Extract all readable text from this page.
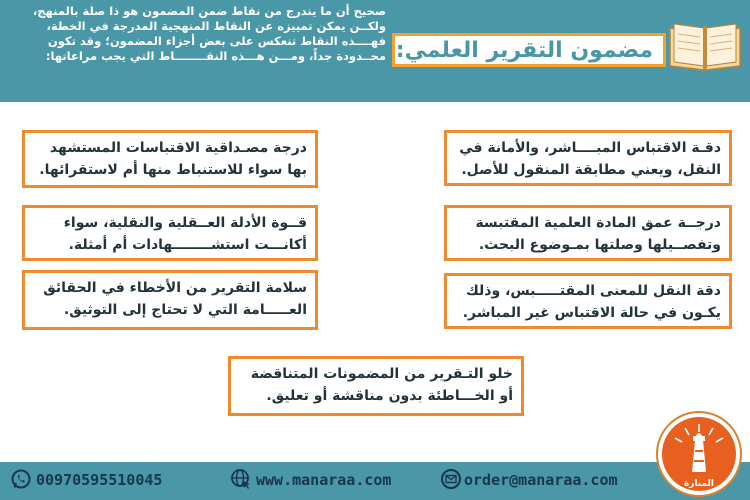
صحيح أن ما يندرج من نقاط ضمن المضمون هو ذا صلة بالمنهج،
ولكــن يمكن تمييزه عن النقاط المنهجية المدرجة في الخطة،
فهــــذه النقاط تنعكس على بعض أجزاء المضمون؛ وقد تكون
محــدودة جداً، ومـــن هـــذه النقــــــــاط التي يجب مراعاتها: مضمون التقرير العلمي:
دقـة الاقتباس المبــــاشر، والأمانة في
النقل، ويعني مطابقة المنقول للأصل.
درجــة عمق المادة العلمية المقتبسة
وتفصــيلها وصلتها بمـوضوع البحث.
دقة النقل للمعنى المقتـــــبس، وذلك
يكـون في حالة الاقتباس غير المباشر.
درجة مصـداقية الاقتباسات المستشهد
بها سواء للاستنباط منها أم لاستقرائها.
قــوة الأدلة العــقلية والنقلية، سواء
أكانـــت استشــــــــهادات أم أمثلة.
سلامة التقرير من الأخطاء في الحقائق
العـــــامة التي لا تحتاج إلى التوثيق.
خلو التـقرير من المضمونات المتناقضة
أو الخـــاطئة بدون مناقشة أو تعليق.
00970595510045	www.manaraa.com	order@manaraa.com	المنارة
